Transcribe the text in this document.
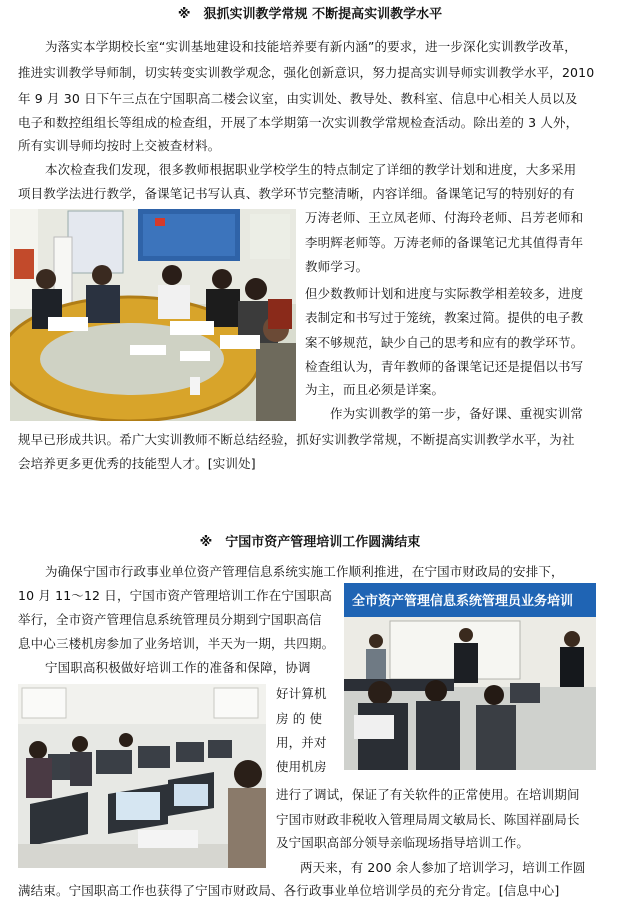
※　狠抓实训教学常规 不断提高实训教学水平
为落实本学期校长室“实训基地建设和技能培养要有新内涵”的要求，进一步深化实训教学改革，
推进实训教学导师制，切实转变实训教学观念，强化创新意识，努力提高实训导师实训教学水平，2010
年 9 月 30 日下午三点在宁国职高二楼会议室，由实训处、教导处、教科室、信息中心相关人员以及
电子和数控组组长等组成的检查组，开展了本学期第一次实训教学常规检查活动。除出差的 3 人外，
所有实训导师均按时上交被查材料。
本次检查我们发现，很多教师根据职业学校学生的特点制定了详细的教学计划和进度，大多采用
项目教学法进行教学，备课笔记书写认真、教学环节完整清晰，内容详细。备课笔记写的特别好的有
万涛老师、王立凤老师、付海玲老师、吕芳老师和
李明辉老师等。万涛老师的备课笔记尤其值得青年
教师学习。
但少数教师计划和进度与实际教学相差较多，进度
表制定和书写过于笼统，教案过简。提供的电子教
案不够规范，缺少自己的思考和应有的教学环节。
检查组认为，青年教师的备课笔记还是提倡以书写
为主，而且必须是详案。
作为实训教学的第一步，备好课、重视实训常
规早已形成共识。希广大实训教师不断总结经验，抓好实训教学常规，不断提高实训教学水平，为社
会培养更多更优秀的技能型人才。[实训处]
※　宁国市资产管理培训工作圆满结束
为确保宁国市行政事业单位资产管理信息系统实施工作顺利推进，在宁国市财政局的安排下，
10 月 11～12 日，宁国市资产管理培训工作在宁国职高
举行，全市资产管理信息系统管理员分期到宁国职高信
息中心三楼机房参加了业务培训，半天为一期，共四期。
宁国职高积极做好培训工作的准备和保障，协调
好计算机
房 的 使
用，并对
使用机房
进行了调试，保证了有关软件的正常使用。在培训期间
宁国市财政非税收入管理局周文敏局长、陈国祥副局长
及宁国职高部分领导亲临现场指导培训工作。
两天来，有 200 余人参加了培训学习，培训工作圆
满结束。宁国职高工作也获得了宁国市财政局、各行政事业单位培训学员的充分肯定。[信息中心]
全市资产管理信息系统管理员业务培训
